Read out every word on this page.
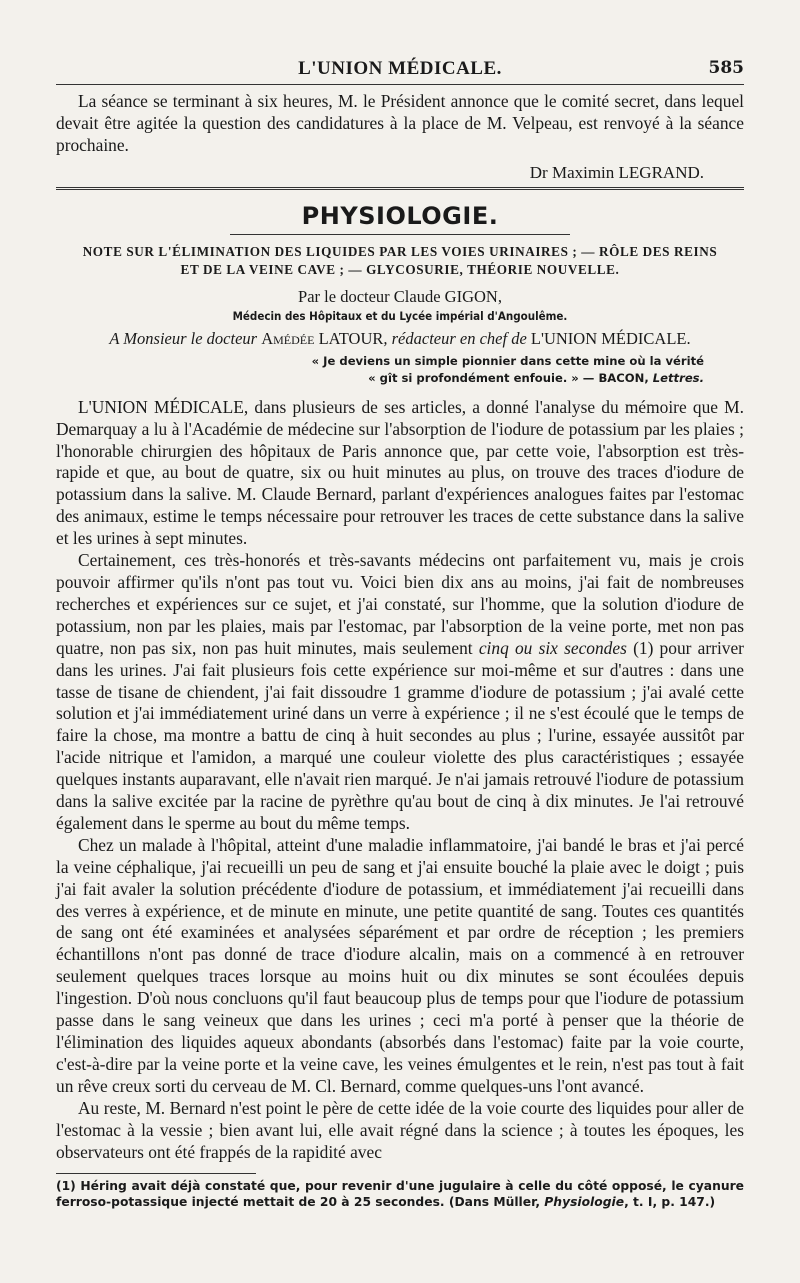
L'UNION MÉDICALE.	585

La séance se terminant à six heures, M. le Président annonce que le comité secret, dans lequel devait être agitée la question des candidatures à la place de M. Velpeau, est renvoyé à la séance prochaine.

Dr Maximin LEGRAND.
PHYSIOLOGIE.
NOTE SUR L'ÉLIMINATION DES LIQUIDES PAR LES VOIES URINAIRES ; — RÔLE DES REINS ET DE LA VEINE CAVE ; — GLYCOSURIE, THÉORIE NOUVELLE.
Par le docteur Claude GIGON,
Médecin des Hôpitaux et du Lycée impérial d'Angoulême.
A Monsieur le docteur Amédée LATOUR, rédacteur en chef de L'UNION MÉDICALE.
« Je deviens un simple pionnier dans cette mine où la vérité
« gît si profondément enfouie. » — BACON, Lettres.

L'UNION MÉDICALE, dans plusieurs de ses articles, a donné l'analyse du mémoire que M. Demarquay a lu à l'Académie de médecine sur l'absorption de l'iodure de potassium par les plaies ; l'honorable chirurgien des hôpitaux de Paris annonce que, par cette voie, l'absorption est très-rapide et que, au bout de quatre, six ou huit minutes au plus, on trouve des traces d'iodure de potassium dans la salive. M. Claude Bernard, parlant d'expériences analogues faites par l'estomac des animaux, estime le temps nécessaire pour retrouver les traces de cette substance dans la salive et les urines à sept minutes.

Certainement, ces très-honorés et très-savants médecins ont parfaitement vu, mais je crois pouvoir affirmer qu'ils n'ont pas tout vu. Voici bien dix ans au moins, j'ai fait de nombreuses recherches et expériences sur ce sujet, et j'ai constaté, sur l'homme, que la solution d'iodure de potassium, non par les plaies, mais par l'estomac, par l'absorption de la veine porte, met non pas quatre, non pas six, non pas huit minutes, mais seulement cinq ou six secondes (1) pour arriver dans les urines. J'ai fait plusieurs fois cette expérience sur moi-même et sur d'autres : dans une tasse de tisane de chiendent, j'ai fait dissoudre 1 gramme d'iodure de potassium ; j'ai avalé cette solution et j'ai immédiatement uriné dans un verre à expérience ; il ne s'est écoulé que le temps de faire la chose, ma montre a battu de cinq à huit secondes au plus ; l'urine, essayée aussitôt par l'acide nitrique et l'amidon, a marqué une couleur violette des plus caractéristiques ; essayée quelques instants auparavant, elle n'avait rien marqué. Je n'ai jamais retrouvé l'iodure de potassium dans la salive excitée par la racine de pyrèthre qu'au bout de cinq à dix minutes. Je l'ai retrouvé également dans le sperme au bout du même temps.

Chez un malade à l'hôpital, atteint d'une maladie inflammatoire, j'ai bandé le bras et j'ai percé la veine céphalique, j'ai recueilli un peu de sang et j'ai ensuite bouché la plaie avec le doigt ; puis j'ai fait avaler la solution précédente d'iodure de potassium, et immédiatement j'ai recueilli dans des verres à expérience, et de minute en minute, une petite quantité de sang. Toutes ces quantités de sang ont été examinées et analysées séparément et par ordre de réception ; les premiers échantillons n'ont pas donné de trace d'iodure alcalin, mais on a commencé à en retrouver seulement quelques traces lorsque au moins huit ou dix minutes se sont écoulées depuis l'ingestion. D'où nous concluons qu'il faut beaucoup plus de temps pour que l'iodure de potassium passe dans le sang veineux que dans les urines ; ceci m'a porté à penser que la théorie de l'élimination des liquides aqueux abondants (absorbés dans l'estomac) faite par la voie courte, c'est-à-dire par la veine porte et la veine cave, les veines émulgentes et le rein, n'est pas tout à fait un rêve creux sorti du cerveau de M. Cl. Bernard, comme quelques-uns l'ont avancé.

Au reste, M. Bernard n'est point le père de cette idée de la voie courte des liquides pour aller de l'estomac à la vessie ; bien avant lui, elle avait régné dans la science ; à toutes les époques, les observateurs ont été frappés de la rapidité avec

(1) Héring avait déjà constaté que, pour revenir d'une jugulaire à celle du côté opposé, le cyanure ferroso-potassique injecté mettait de 20 à 25 secondes. (Dans Müller, Physiologie, t. I, p. 147.)
